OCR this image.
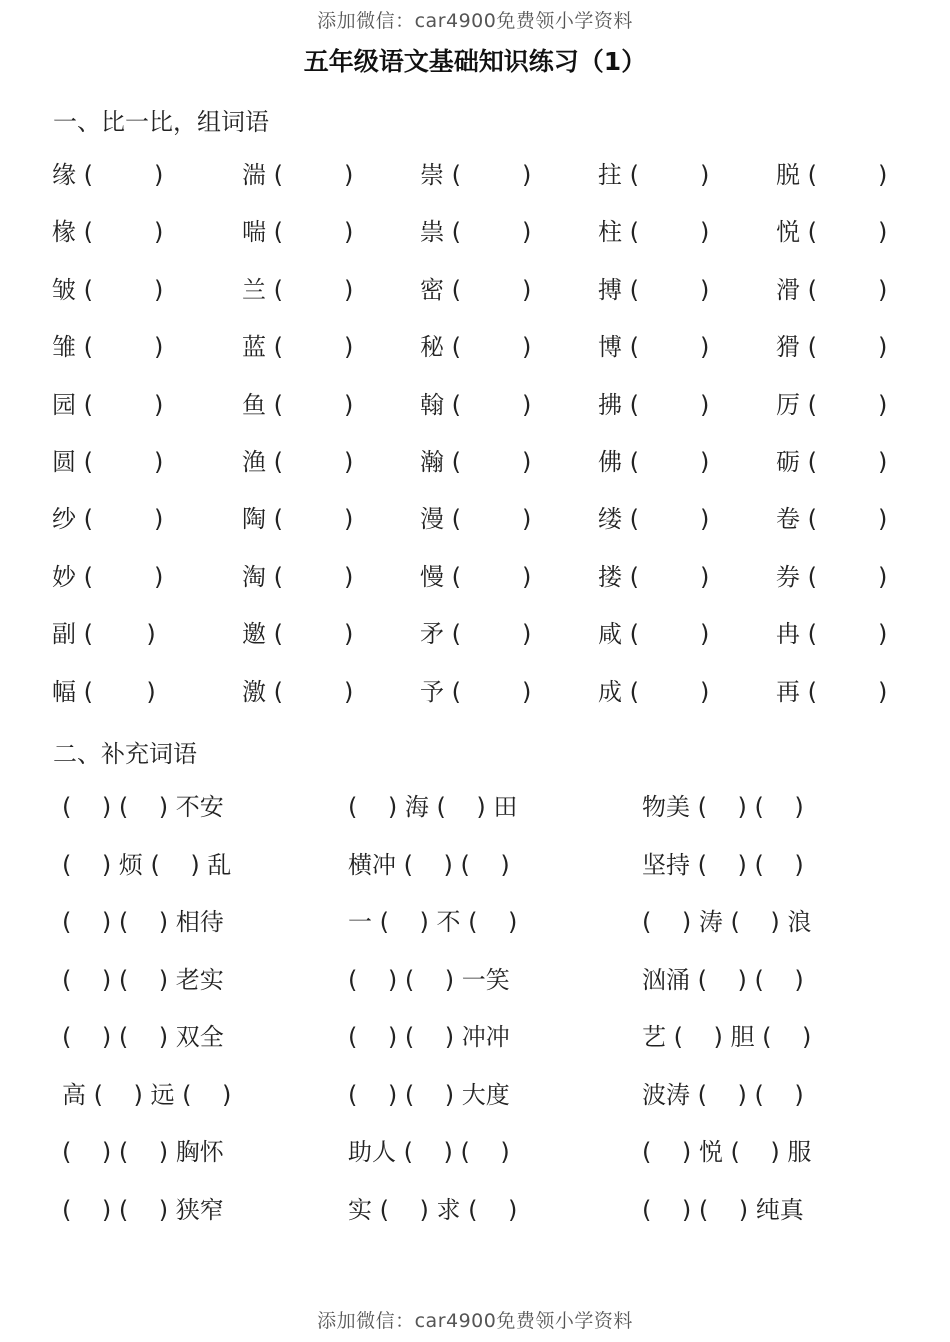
添加微信：car4900免费领小学资料
五年级语文基础知识练习（1）
一、比一比，组词语
缘 (        )	湍 (        )	崇 (        )	拄 (        )	脱 (        )
椽 (        )	喘 (        )	祟 (        )	柱 (        )	悦 (        )
皱 (        )	兰 (        )	密 (        )	搏 (        )	滑 (        )
雏 (        )	蓝 (        )	秘 (        )	博 (        )	猾 (        )
园 (        )	鱼 (        )	翰 (        )	拂 (        )	厉 (        )
圆 (        )	渔 (        )	瀚 (        )	佛 (        )	砺 (        )
纱 (        )	陶 (        )	漫 (        )	缕 (        )	卷 (        )
妙 (        )	淘 (        )	慢 (        )	搂 (        )	券 (        )
副 (       )	邀 (        )	矛 (        )	咸 (        )	冉 (        )
幅 (       )	激 (        )	予 (        )	成 (        )	再 (        )
二、补充词语
(    ) (    ) 不安	(    ) 海 (    ) 田	物美 (    ) (    )
(    ) 烦 (    ) 乱	横冲 (    ) (    )	坚持 (    ) (    )
(    ) (    ) 相待	一 (    ) 不 (    )	(    ) 涛 (    ) 浪
(    ) (    ) 老实	(    ) (    ) 一笑	汹涌 (    ) (    )
(    ) (    ) 双全	(    ) (    ) 冲冲	艺 (    ) 胆 (    )
高 (    ) 远 (    )	(    ) (    ) 大度	波涛 (    ) (    )
(    ) (    ) 胸怀	助人 (    ) (    )	(    ) 悦 (    ) 服
(    ) (    ) 狭窄	实 (    ) 求 (    )	(    ) (    ) 纯真
添加微信：car4900免费领小学资料
